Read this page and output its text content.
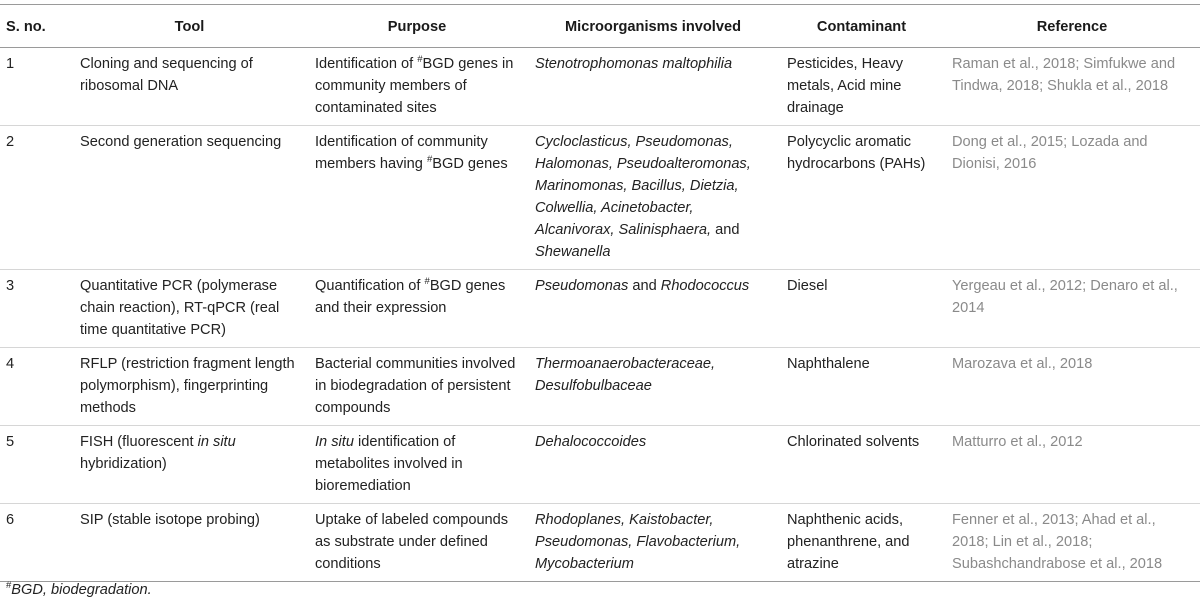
S. no.	Tool	Purpose	Microorganisms involved	Contaminant	Reference
1	Cloning and sequencing of ribosomal DNA	Identification of #BGD genes in community members of contaminated sites	Stenotrophomonas maltophilia	Pesticides, Heavy metals, Acid mine drainage	Raman et al., 2018; Simfukwe and Tindwa, 2018; Shukla et al., 2018
2	Second generation sequencing	Identification of community members having #BGD genes	Cycloclasticus, Pseudomonas, Halomonas, Pseudoalteromonas, Marinomonas, Bacillus, Dietzia, Colwellia, Acinetobacter, Alcanivorax, Salinisphaera, and Shewanella	Polycyclic aromatic hydrocarbons (PAHs)	Dong et al., 2015; Lozada and Dionisi, 2016
3	Quantitative PCR (polymerase chain reaction), RT-qPCR (real time quantitative PCR)	Quantification of #BGD genes and their expression	Pseudomonas and Rhodococcus	Diesel	Yergeau et al., 2012; Denaro et al., 2014
4	RFLP (restriction fragment length polymorphism), fingerprinting methods	Bacterial communities involved in biodegradation of persistent compounds	Thermoanaerobacteraceae, Desulfobulbaceae	Naphthalene	Marozava et al., 2018
5	FISH (fluorescent in situ hybridization)	In situ identification of metabolites involved in bioremediation	Dehalococcoides	Chlorinated solvents	Matturro et al., 2012
6	SIP (stable isotope probing)	Uptake of labeled compounds as substrate under defined conditions	Rhodoplanes, Kaistobacter, Pseudomonas, Flavobacterium, Mycobacterium	Naphthenic acids, phenanthrene, and atrazine	Fenner et al., 2013; Ahad et al., 2018; Lin et al., 2018; Subashchandrabose et al., 2018
#BGD, biodegradation.
